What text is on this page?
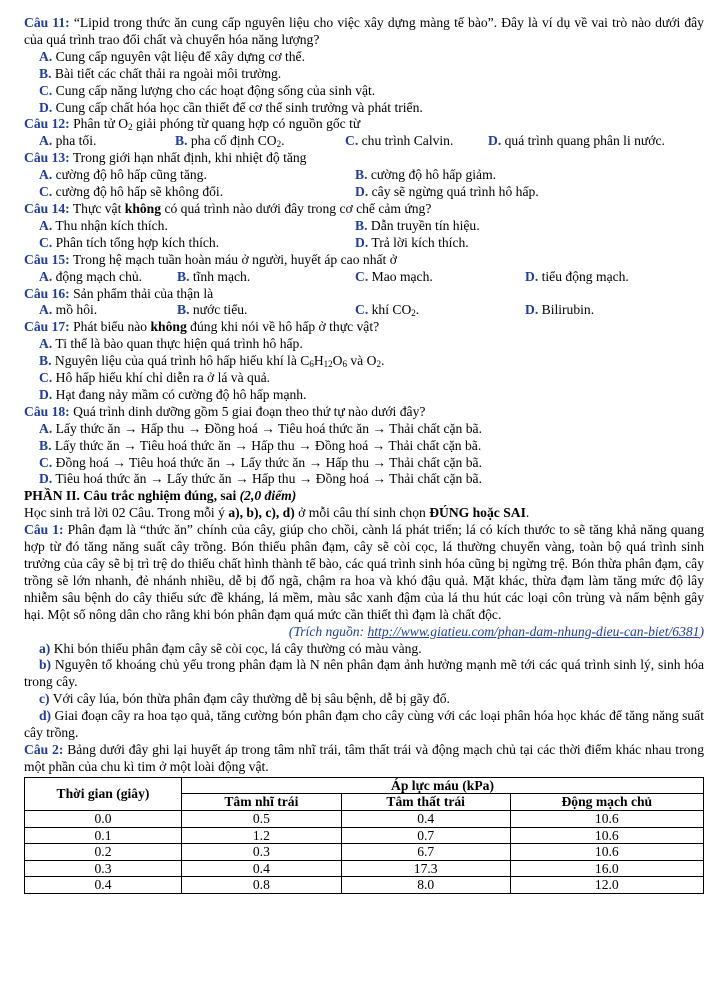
Câu 11: “Lipid trong thức ăn cung cấp nguyên liệu cho việc xây dựng màng tế bào”. Đây là ví dụ về vai trò nào dưới đây của quá trình trao đổi chất và chuyển hóa năng lượng?
A. Cung cấp nguyên vật liệu để xây dựng cơ thể.
B. Bài tiết các chất thải ra ngoài môi trường.
C. Cung cấp năng lượng cho các hoạt động sống của sinh vật.
D. Cung cấp chất hóa học cần thiết để cơ thể sinh trưởng và phát triển.
Câu 12: Phân tử $O_2$ giải phóng từ quang hợp có nguồn gốc từ
A. pha tối.	B. pha cố định $CO_2$.	C. chu trình Calvin.	D. quá trình quang phân li nước.
Câu 13: Trong giới hạn nhất định, khi nhiệt độ tăng
A. cường độ hô hấp cũng tăng.	B. cường độ hô hấp giảm.
C. cường độ hô hấp sẽ không đổi.	D. cây sẽ ngừng quá trình hô hấp.
Câu 14: Thực vật không có quá trình nào dưới đây trong cơ chế cảm ứng?
A. Thu nhận kích thích.	B. Dẫn truyền tín hiệu.
C. Phân tích tổng hợp kích thích.	D. Trả lời kích thích.
Câu 15: Trong hệ mạch tuần hoàn máu ở người, huyết áp cao nhất ở
A. động mạch chủ.	B. tĩnh mạch.	C. Mao mạch.	D. tiểu động mạch.
Câu 16: Sản phẩm thải của thận là
A. mồ hôi.	B. nước tiểu.	C. khí $CO_2$.	D. Bilirubin.
Câu 17: Phát biểu nào không đúng khi nói về hô hấp ở thực vật?
A. Ti thể là bào quan thực hiện quá trình hô hấp.
B. Nguyên liệu của quá trình hô hấp hiếu khí là $C_6H_{12}O_6$ và $O_2$.
C. Hô hấp hiếu khí chỉ diễn ra ở lá và quả.
D. Hạt đang nảy mầm có cường độ hô hấp mạnh.
Câu 18: Quá trình dinh dưỡng gồm 5 giai đoạn theo thứ tự nào dưới đây?
A. Lấy thức ăn → Hấp thu → Đồng hoá → Tiêu hoá thức ăn → Thải chất cặn bã.
B. Lấy thức ăn → Tiêu hoá thức ăn → Hấp thu → Đồng hoá → Thải chất cặn bã.
C. Đồng hoá → Tiêu hoá thức ăn → Lấy thức ăn → Hấp thu → Thải chất cặn bã.
D. Tiêu hoá thức ăn → Lấy thức ăn → Hấp thu → Đồng hoá → Thải chất cặn bã.
PHẦN II. Câu trắc nghiệm đúng, sai (2,0 điểm)
Học sinh trả lời 02 Câu. Trong mỗi ý a), b), c), d) ở mỗi câu thí sinh chọn ĐÚNG hoặc SAI.
Câu 1: Phân đạm là “thức ăn” chính của cây, giúp cho chồi, cành lá phát triển; lá có kích thước to sẽ tăng khả năng quang hợp từ đó tăng năng suất cây trồng. Bón thiếu phân đạm, cây sẽ còi cọc, lá thường chuyển vàng, toàn bộ quá trình sinh trưởng của cây sẽ bị trì trệ do thiếu chất hình thành tế bào, các quá trình sinh hóa cũng bị ngừng trệ. Bón thừa phân đạm, cây trồng sẽ lớn nhanh, đẻ nhánh nhiều, dễ bị đổ ngã, chậm ra hoa và khó đậu quả. Mặt khác, thừa đạm làm tăng mức độ lây nhiễm sâu bệnh do cây thiếu sức đề kháng, lá mềm, màu sắc xanh đậm của lá thu hút các loại côn trùng và nấm bệnh gây hại. Một số nông dân cho rằng khi bón phân đạm quá mức cần thiết thì đạm là chất độc.
(Trích nguồn: http://www.giatieu.com/phan-dam-nhung-dieu-can-biet/6381)
a) Khi bón thiếu phân đạm cây sẽ còi cọc, lá cây thường có màu vàng.
b) Nguyên tố khoáng chủ yếu trong phân đạm là N nên phân đạm ảnh hưởng mạnh mẽ tới các quá trình sinh lý, sinh hóa trong cây.
c) Với cây lúa, bón thừa phân đạm cây thường dễ bị sâu bệnh, dễ bị gãy đổ.
d) Giai đoạn cây ra hoa tạo quả, tăng cường bón phân đạm cho cây cùng với các loại phân hóa học khác để tăng năng suất cây trồng.
Câu 2: Bảng dưới đây ghi lại huyết áp trong tâm nhĩ trái, tâm thất trái và động mạch chủ tại các thời điểm khác nhau trong một phần của chu kì tim ở một loài động vật.
Thời gian (giây)	Áp lực máu (kPa)		
	Tâm nhĩ trái	Tâm thất trái	Động mạch chủ
0.0	0.5	0.4	10.6
0.1	1.2	0.7	10.6
0.2	0.3	6.7	10.6
0.3	0.4	17.3	16.0
0.4	0.8	8.0	12.0
